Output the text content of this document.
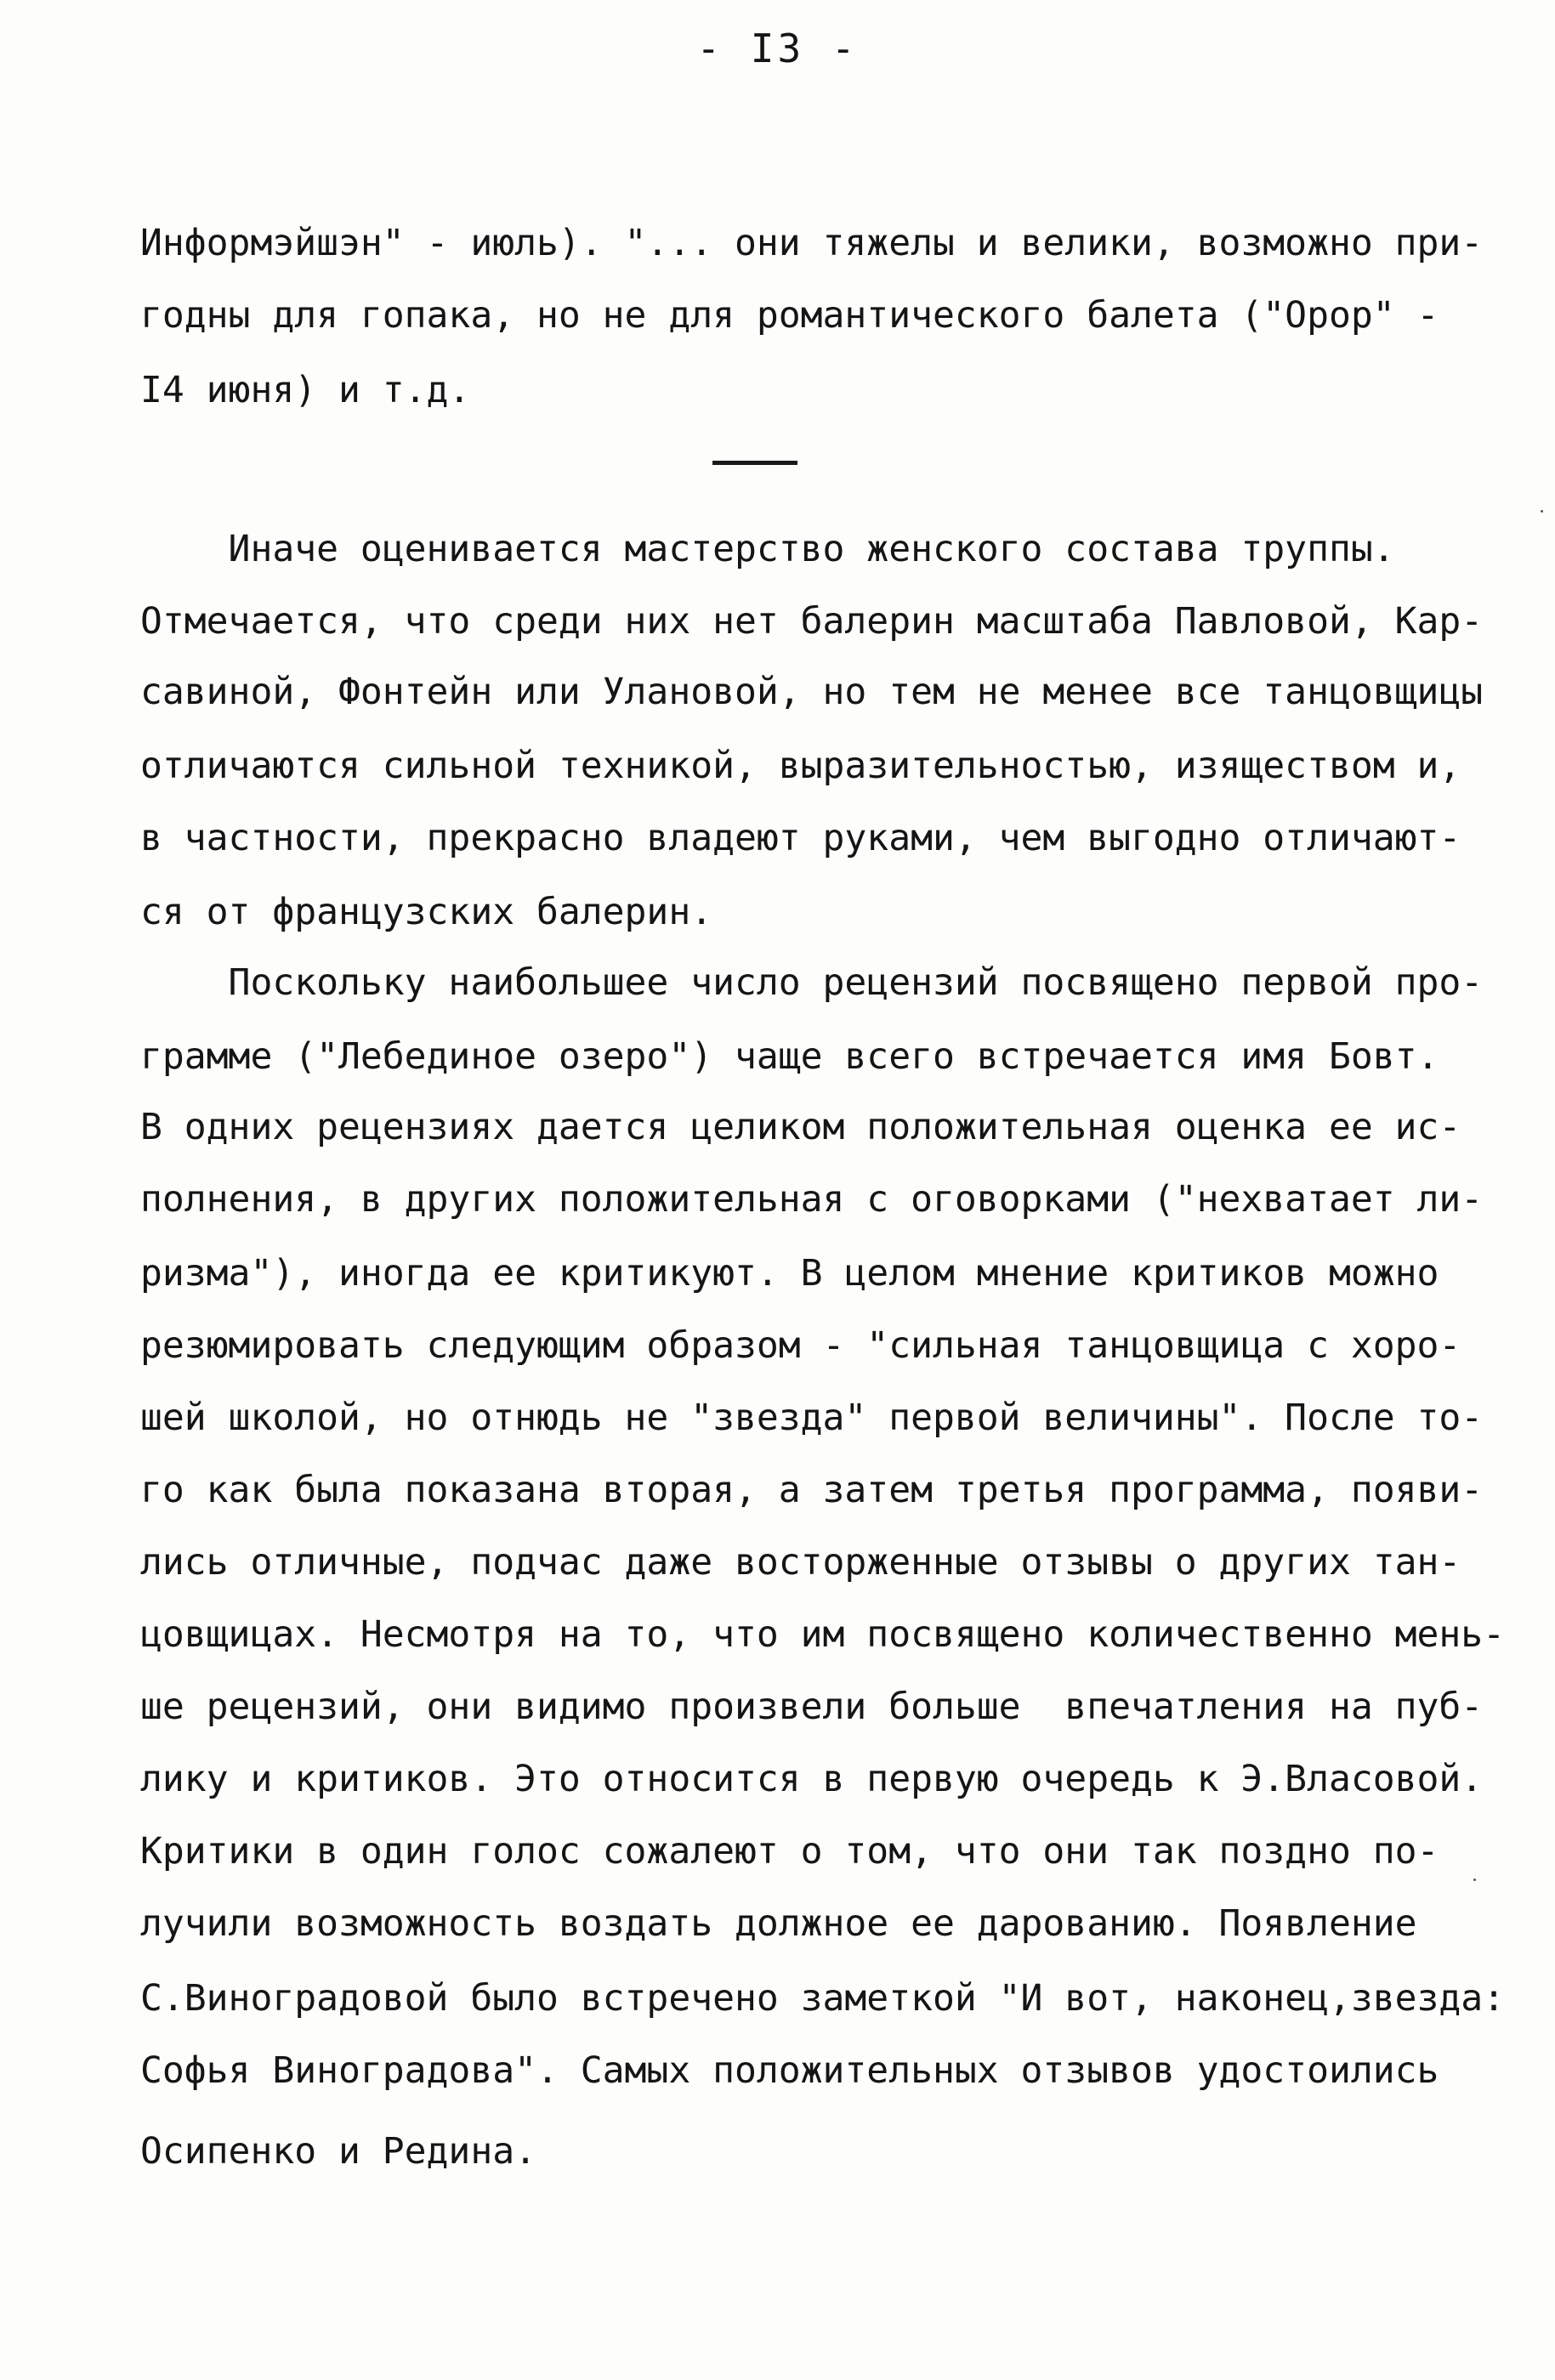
- I3 -
Информэйшэн" - июль). "... они тяжелы и велики, возможно при-
годны для гопака, но не для романтического балета ("Орор" -
I4 июня) и т.д.
Иначе оценивается мастерство женского состава труппы.
Отмечается, что среди них нет балерин масштаба Павловой, Кар-
савиной, Фонтейн или Улановой, но тем не менее все танцовщицы
отличаются сильной техникой, выразительностью, изяществом и,
в частности, прекрасно владеют руками, чем выгодно отличают-
ся от французских балерин.
Поскольку наибольшее число рецензий посвящено первой про-
грамме ("Лебединое озеро") чаще всего встречается имя Бовт.
В одних рецензиях дается целиком положительная оценка ее ис-
полнения, в других положительная с оговорками ("нехватает ли-
ризма"), иногда ее критикуют. В целом мнение критиков можно
резюмировать следующим образом - "сильная танцовщица с хоро-
шей школой, но отнюдь не "звезда" первой величины". После то-
го как была показана вторая, а затем третья программа, появи-
лись отличные, подчас даже восторженные отзывы о других тан-
цовщицах. Несмотря на то, что им посвящено количественно мень-
ше рецензий, они видимо произвели больше  впечатления на пуб-
лику и критиков. Это относится в первую очередь к Э.Власовой.
Критики в один голос сожалеют о том, что они так поздно по-
лучили возможность воздать должное ее дарованию. Появление
С.Виноградовой было встречено заметкой "И вот, наконец,звезда:
Софья Виноградова". Самых положительных отзывов удостоились
Осипенко и Редина.
